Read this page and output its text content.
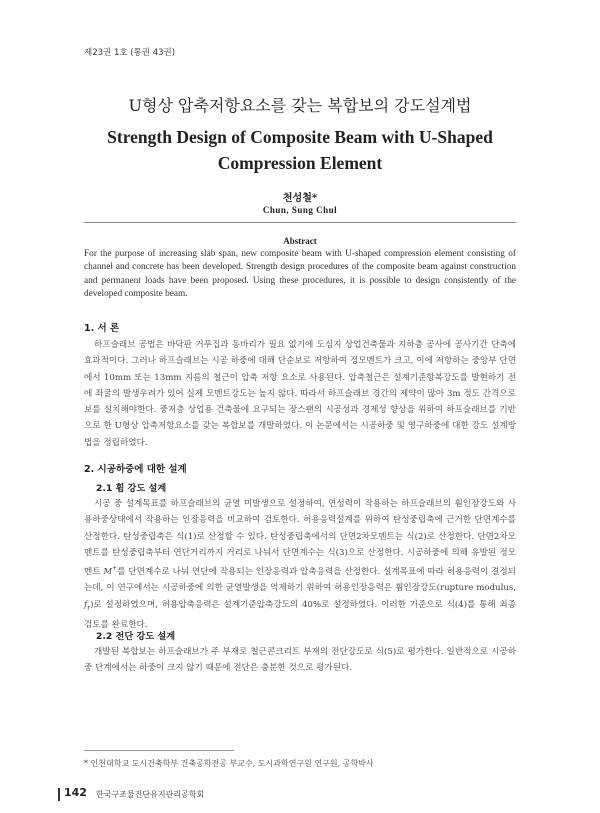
제23권 1호 (통권 43권)
U형상 압축저항요소를 갖는 복합보의 강도설계법
Strength Design of Composite Beam with U-Shaped Compression Element
천성철*
Chun, Sung Chul
Abstract
For the purpose of increasing slab span, new composite beam with U-shaped compression element consisting of channel and concrete has been developed. Strength design procedures of the composite beam against construction and permanent loads have been proposed. Using these procedures, it is possible to design consistently of the developed composite beam.
1. 서 론

하프슬래브 공법은 바닥판 거푸집과 동바리가 필요 없기에 도심지 상업건축물과 지하층 공사에 공사기간 단축에 효과적이다. 그러나 하프슬래브는 시공 하중에 대해 단순보로 저항하여 정모멘트가 크고, 이에 저항하는 중앙부 단면에서 10mm 또는 13mm 지름의 철근이 압축 저항 요소로 사용된다. 압축철근은 설계기준항복강도를 발현하기 전에 좌굴의 발생우려가 있어 실제 모멘트강도는 높지 않다. 따라서 하프슬래브 경간의 제약이 많아 3m 정도 간격으로 보를 설치해야한다. 중저층 상업용 건축물에 요구되는 장스팬의 시공성과 경제성 향상을 위하여 하프슬래브를 기반으로 한 U형상 압축저항요소를 갖는 복합보를 개발하였다. 이 논문에서는 시공하중 및 영구하중에 대한 강도 설계방법을 정립하였다.

2. 시공하중에 대한 설계
2.1 휨 강도 설계

시공 중 설계목표를 하프슬래브의 균열 미발생으로 설정하여, 연성력이 작용하는 하프슬래브의 휨인장강도와 사용하중상태에서 작용하는 인장응력을 비교하여 검토한다. 허용응력설계를 위하여 탄성중립축에 근거한 단면계수를 산정한다. 탄성중립축은 식(1)로 산정할 수 있다. 탄성중립축에서의 단면2차모멘트는 식(2)로 산정한다. 단면2차모멘트를 탄성중립축부터 연단거리까지 거리로 나눠서 단면계수는 식(3)으로 산정한다. 시공하중에 의해 유발된 정모멘트 M+를 단면계수로 나눠 연단에 작용되는 인장응력과 압축응력을 산정한다. 설계목표에 따라 허용응력이 결정되는데, 이 연구에서는 시공하중에 의한 균열발생을 억제하기 위하여 허용인장응력은 휨인장강도(rupture modulus, $f_r$)로 설정하였으며, 허용압축응력은 설계기준압축강도의 40%로 설정하였다. 이러한 기준으로 식(4)를 통해 최종 검토를 완료한다.

2.2 전단 강도 설계

개발된 복합보는 하프슬래브가 주 부재로 철근콘크리트 부재의 전단강도로 식(5)로 평가한다. 일반적으로 시공하중 단계에서는 하중이 크지 않기 때문에 전단은 충분한 것으로 평가된다.

* 인천대학교 도시건축학부 건축공학전공 부교수, 도시과학연구원 연구원, 공학박사
142 한국구조물진단유지관리공학회
